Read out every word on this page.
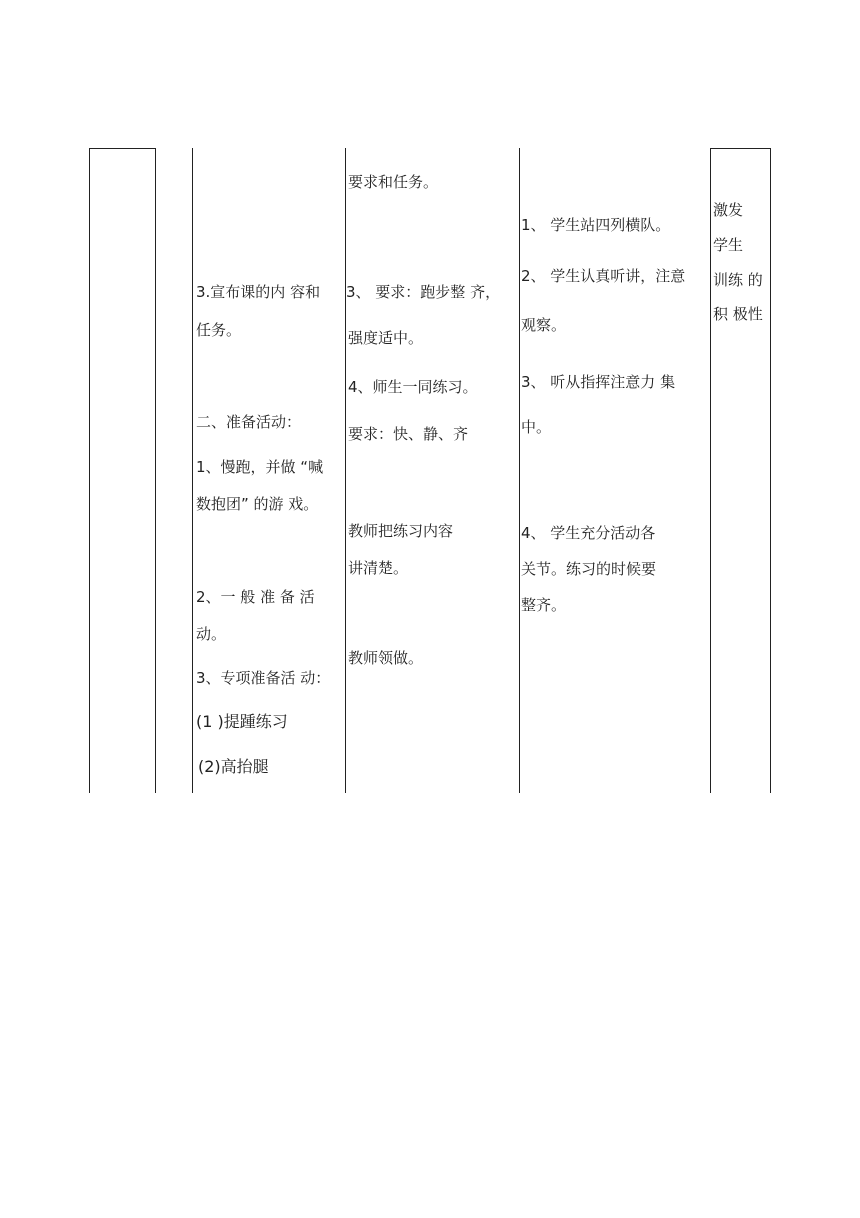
3.宣布课的内 容和
任务。
二、准备活动：
1、慢跑，并做 “喊
数抱团” 的游 戏。
2、一 般 准 备 活
动。
3、专项准备活 动：
(1 )提踵练习
(2)高抬腿
要求和任务。
3、 要求：跑步整 齐，
强度适中。
4、师生一同练习。
要求：快、静、齐
教师把练习内容
讲清楚。
教师领做。
1、 学生站四列横队。
2、 学生认真听讲，注意
观察。
3、 听从指挥注意力 集
中。
4、 学生充分活动各
关节。练习的时候要
整齐。
激发
学生
训练 的
积 极性
